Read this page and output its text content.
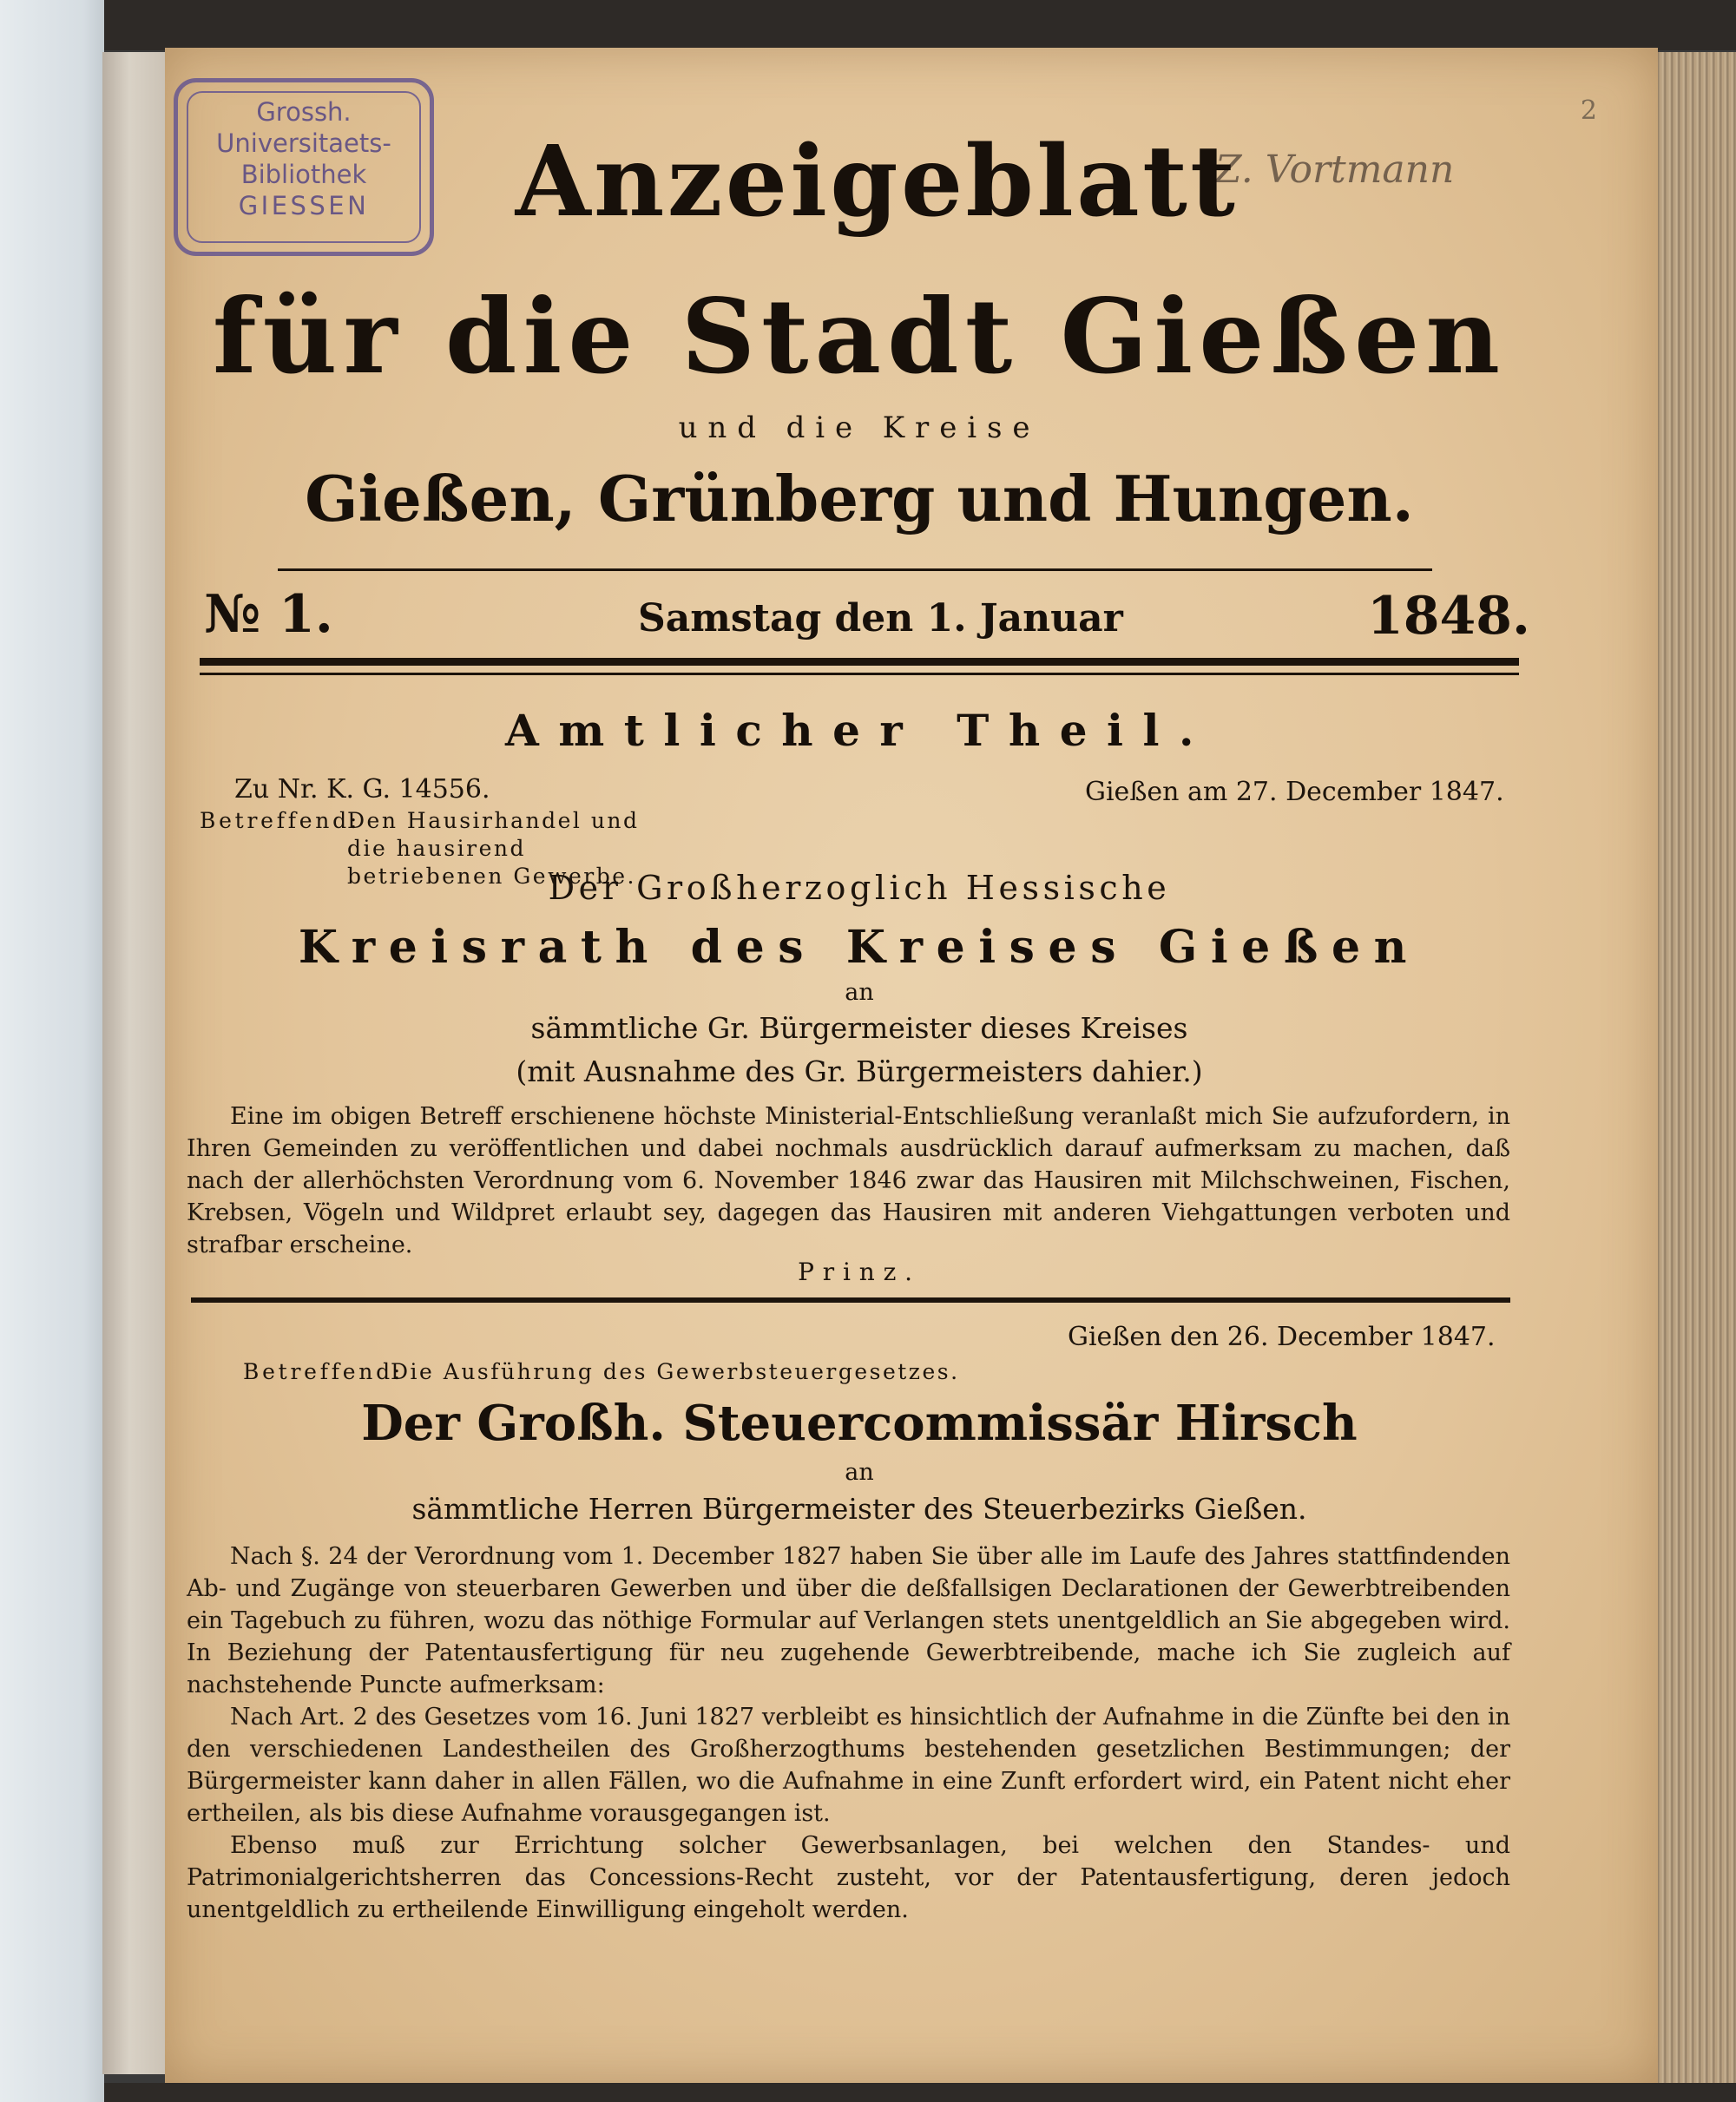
2
Grossh.
Universitaets-
Bibliothek
GIESSEN
Z. Vortmann
Anzeigeblatt
für die Stadt Gießen
und die Kreise
Gießen, Grünberg und Hungen.
№ 1.	Samstag den 1. Januar	1848.
Amtlicher Theil.
Zu Nr. K. G. 14556.	Gießen am 27. December 1847.
Betreffend:
Den Hausirhandel und die hausirend betriebenen Gewerbe.
Der Großherzoglich Hessische
Kreisrath des Kreises Gießen
an
sämmtliche Gr. Bürgermeister dieses Kreises
(mit Ausnahme des Gr. Bürgermeisters dahier.)

Eine im obigen Betreff erschienene höchste Ministerial-Entschließung veranlaßt mich Sie aufzufordern, in Ihren Gemeinden zu veröffentlichen und dabei nochmals ausdrücklich darauf aufmerksam zu machen, daß nach der allerhöchsten Verordnung vom 6. November 1846 zwar das Hausiren mit Milchschweinen, Fischen, Krebsen, Vögeln und Wildpret erlaubt sey, dagegen das Hausiren mit anderen Viehgattungen verboten und strafbar erscheine.

Prinz.
Gießen den 26. December 1847.
Betreffend:
Die Ausführung des Gewerbsteuergesetzes.
Der Großh. Steuercommissär Hirsch
an
sämmtliche Herren Bürgermeister des Steuerbezirks Gießen.

Nach §. 24 der Verordnung vom 1. December 1827 haben Sie über alle im Laufe des Jahres stattfindenden Ab- und Zugänge von steuerbaren Gewerben und über die deßfallsigen Declarationen der Gewerbtreibenden ein Tagebuch zu führen, wozu das nöthige Formular auf Verlangen stets unentgeldlich an Sie abgegeben wird. In Beziehung der Patentausfertigung für neu zugehende Gewerbtreibende, mache ich Sie zugleich auf nachstehende Puncte aufmerksam:

Nach Art. 2 des Gesetzes vom 16. Juni 1827 verbleibt es hinsichtlich der Aufnahme in die Zünfte bei den in den verschiedenen Landestheilen des Großherzogthums bestehenden gesetzlichen Bestimmungen; der Bürgermeister kann daher in allen Fällen, wo die Aufnahme in eine Zunft erfordert wird, ein Patent nicht eher ertheilen, als bis diese Aufnahme vorausgegangen ist.

Ebenso muß zur Errichtung solcher Gewerbsanlagen, bei welchen den Standes- und Patrimonialgerichtsherren das Concessions-Recht zusteht, vor der Patentausfertigung, deren jedoch unentgeldlich zu ertheilende Einwilligung eingeholt werden.
